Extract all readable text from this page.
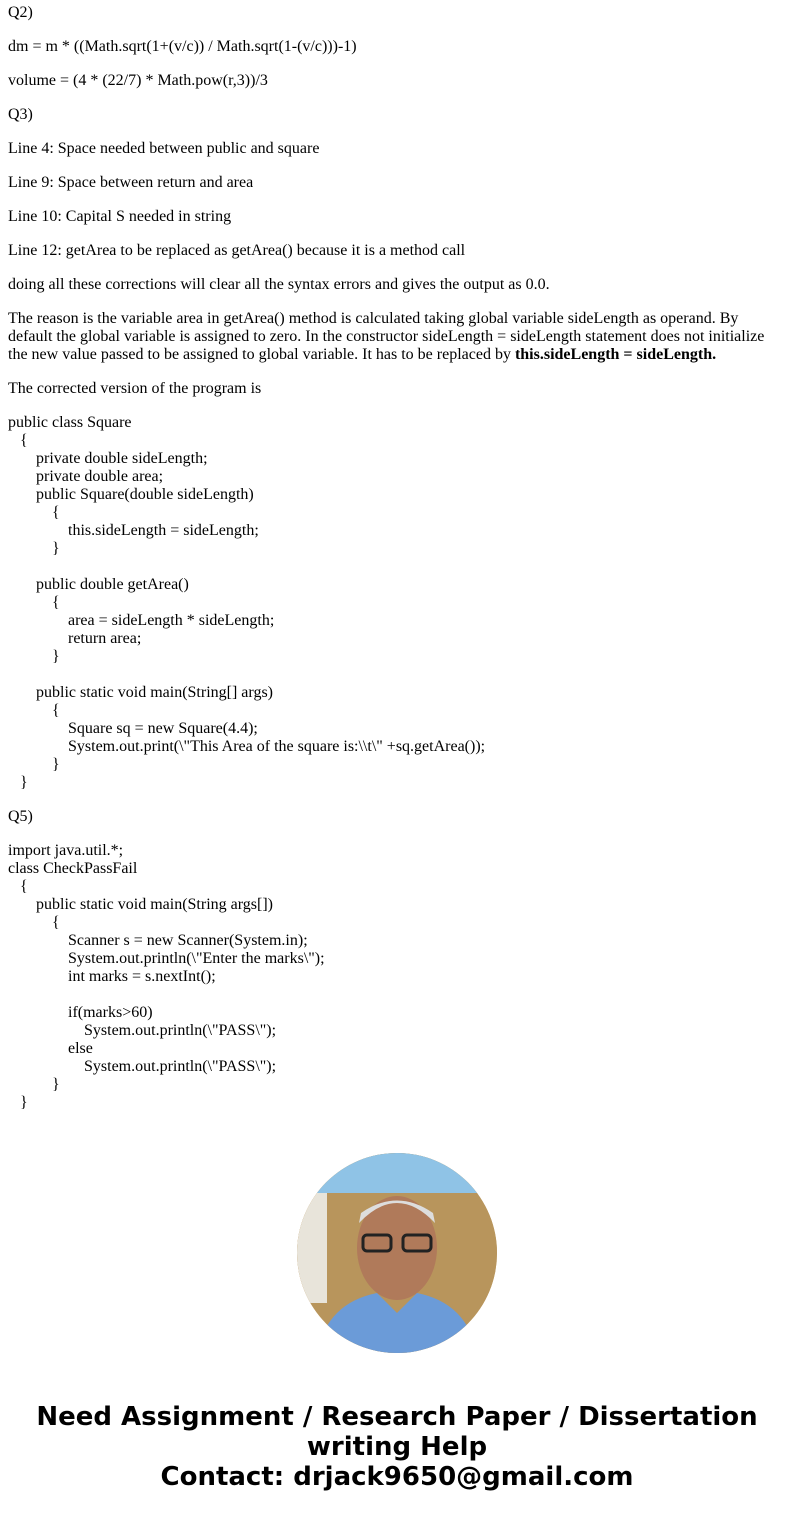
Q2)

dm = m * ((Math.sqrt(1+(v/c)) / Math.sqrt(1-(v/c)))-1)

volume = (4 * (22/7) * Math.pow(r,3))/3

Q3)

Line 4: Space needed between public and square

Line 9: Space between return and area

Line 10: Capital S needed in string

Line 12: getArea to be replaced as getArea() because it is a method call

doing all these corrections will clear all the syntax errors and gives the output as 0.0.

The reason is the variable area in getArea() method is calculated taking global variable sideLength as operand. By default the global variable is assigned to zero. In the constructor sideLength = sideLength statement does not initialize the new value passed to be assigned to global variable. It has to be replaced by this.sideLength = sideLength.

The corrected version of the program is

public class Square
{
private double sideLength;
private double area;
public Square(double sideLength)
{
this.sideLength = sideLength;
}
public double getArea()
{
area = sideLength * sideLength;
return area;
}
public static void main(String[] args)
{
Square sq = new Square(4.4);
System.out.print(\"This Area of the square is:\\t\" +sq.getArea());
}
}

Q5)

import java.util.*;
class CheckPassFail
{
public static void main(String args[])
{
Scanner s = new Scanner(System.in);
System.out.println(\"Enter the marks\");
int marks = s.nextInt();
if(marks>60)
System.out.println(\"PASS\");
else
System.out.println(\"PASS\");
}
}
Need Assignment / Research Paper / Dissertation
writing Help
Contact: drjack9650@gmail.com
